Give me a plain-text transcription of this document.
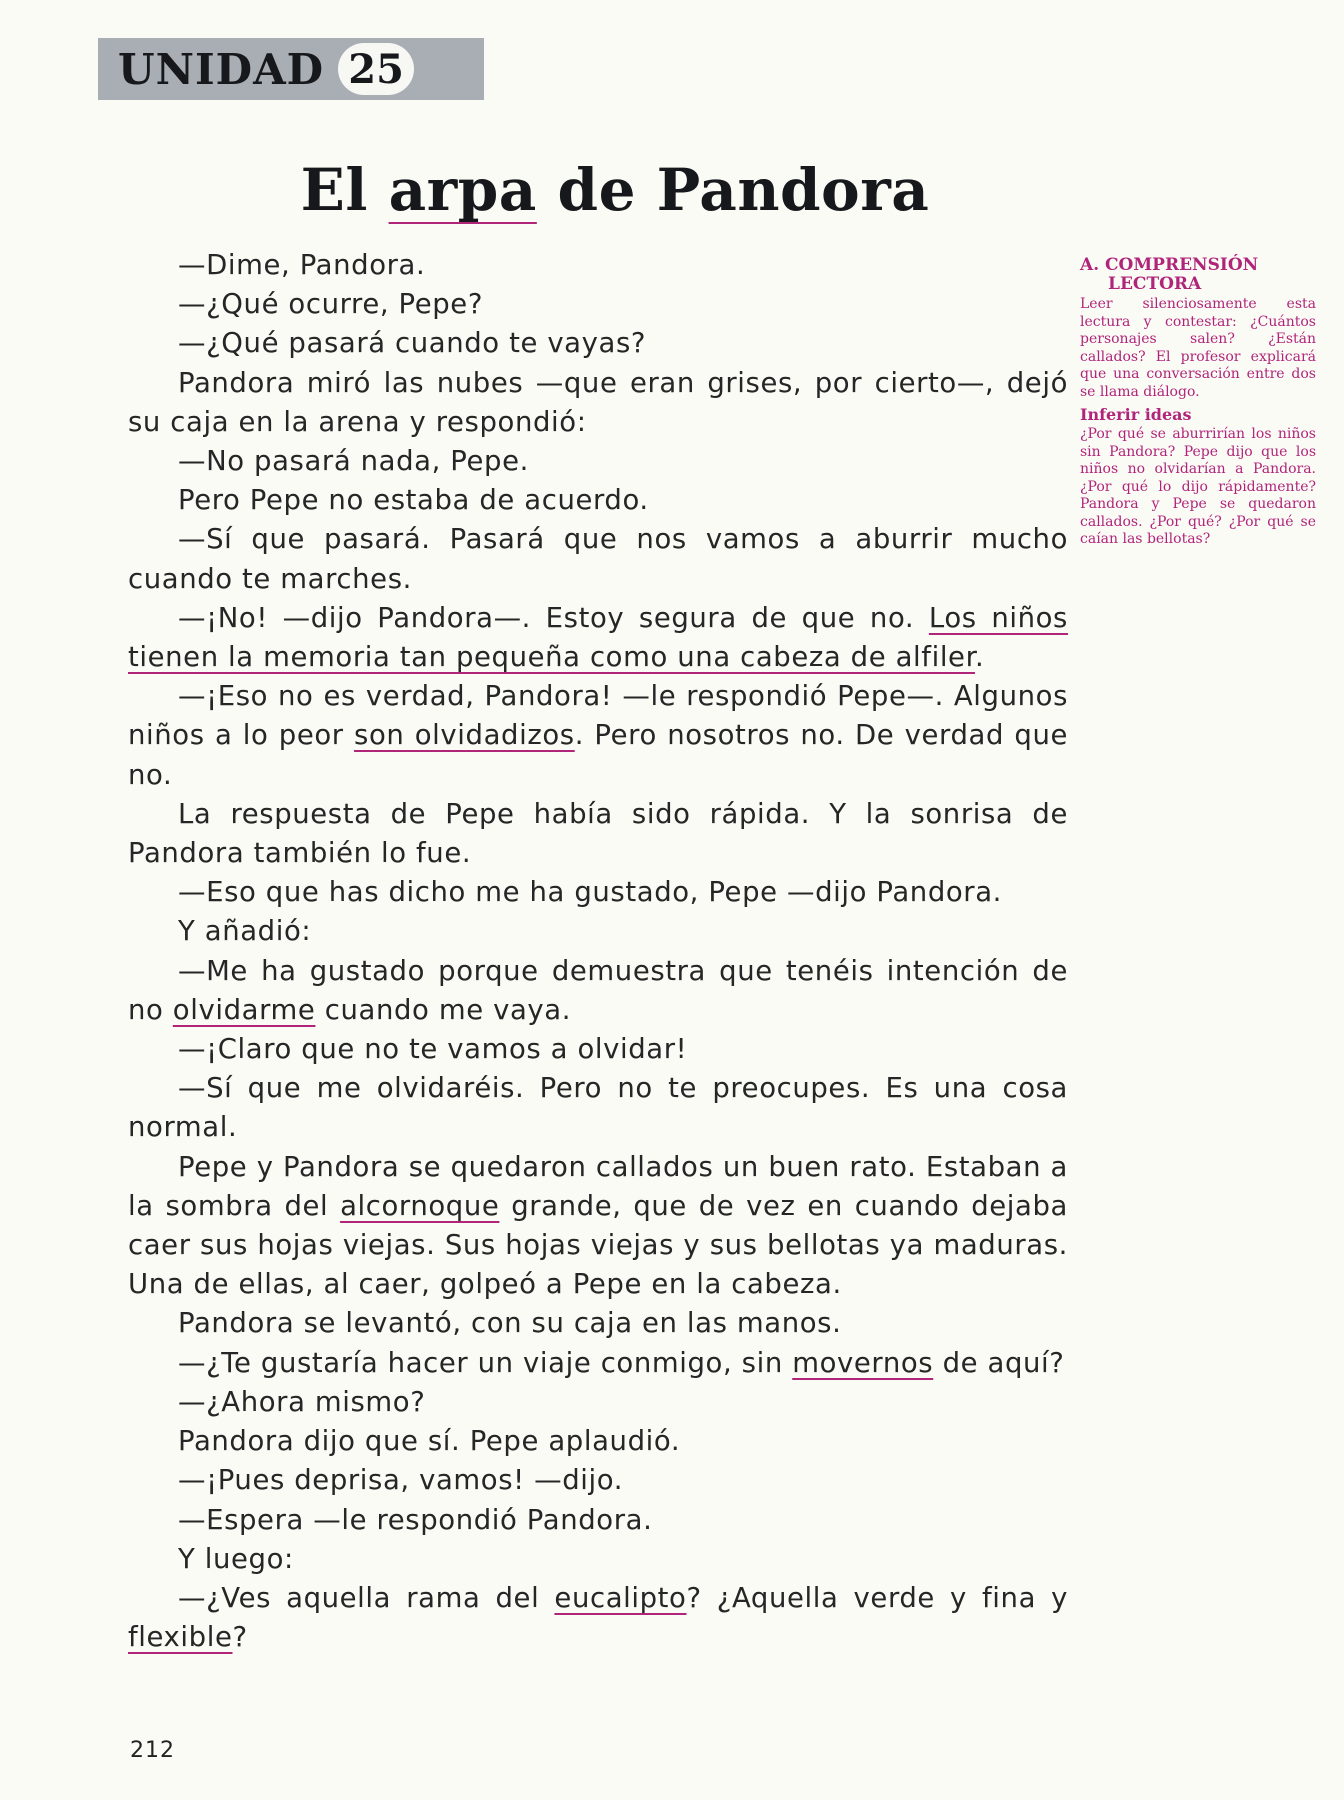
UNIDAD 25
El arpa de Pandora

—Dime, Pandora.

—¿Qué ocurre, Pepe?

—¿Qué pasará cuando te vayas?

Pandora miró las nubes —que eran grises, por cierto—, dejó su caja en la arena y respondió:

—No pasará nada, Pepe.

Pero Pepe no estaba de acuerdo.

—Sí que pasará. Pasará que nos vamos a aburrir mucho cuando te marches.

—¡No! —dijo Pandora—. Estoy segura de que no. Los niños tienen la memoria tan pequeña como una cabeza de alfiler.

—¡Eso no es verdad, Pandora! —le respondió Pepe—. Algunos niños a lo peor son olvidadizos. Pero nosotros no. De verdad que no.

La respuesta de Pepe había sido rápida. Y la sonrisa de Pandora también lo fue.

—Eso que has dicho me ha gustado, Pepe —dijo Pandora.

Y añadió:

—Me ha gustado porque demuestra que tenéis intención de no olvidarme cuando me vaya.

—¡Claro que no te vamos a olvidar!

—Sí que me olvidaréis. Pero no te preocupes. Es una cosa normal.

Pepe y Pandora se quedaron callados un buen rato. Estaban a la sombra del alcornoque grande, que de vez en cuando dejaba caer sus hojas viejas. Sus hojas viejas y sus bellotas ya maduras. Una de ellas, al caer, golpeó a Pepe en la cabeza.

Pandora se levantó, con su caja en las manos.

—¿Te gustaría hacer un viaje conmigo, sin movernos de aquí?

—¿Ahora mismo?

Pandora dijo que sí. Pepe aplaudió.

—¡Pues deprisa, vamos! —dijo.

—Espera —le respondió Pandora.

Y luego:

—¿Ves aquella rama del eucalipto? ¿Aquella verde y fina y flexible?

A. COMPRENSIÓN
LECTORA

Leer silenciosamente esta lectura y contestar: ¿Cuántos personajes salen? ¿Están callados? El profesor explicará que una conversación entre dos se llama diálogo.

Inferir ideas

¿Por qué se aburrirían los niños sin Pandora? Pepe dijo que los niños no olvidarían a Pandora. ¿Por qué lo dijo rápidamente? Pandora y Pepe se quedaron callados. ¿Por qué? ¿Por qué se caían las bellotas?

212
